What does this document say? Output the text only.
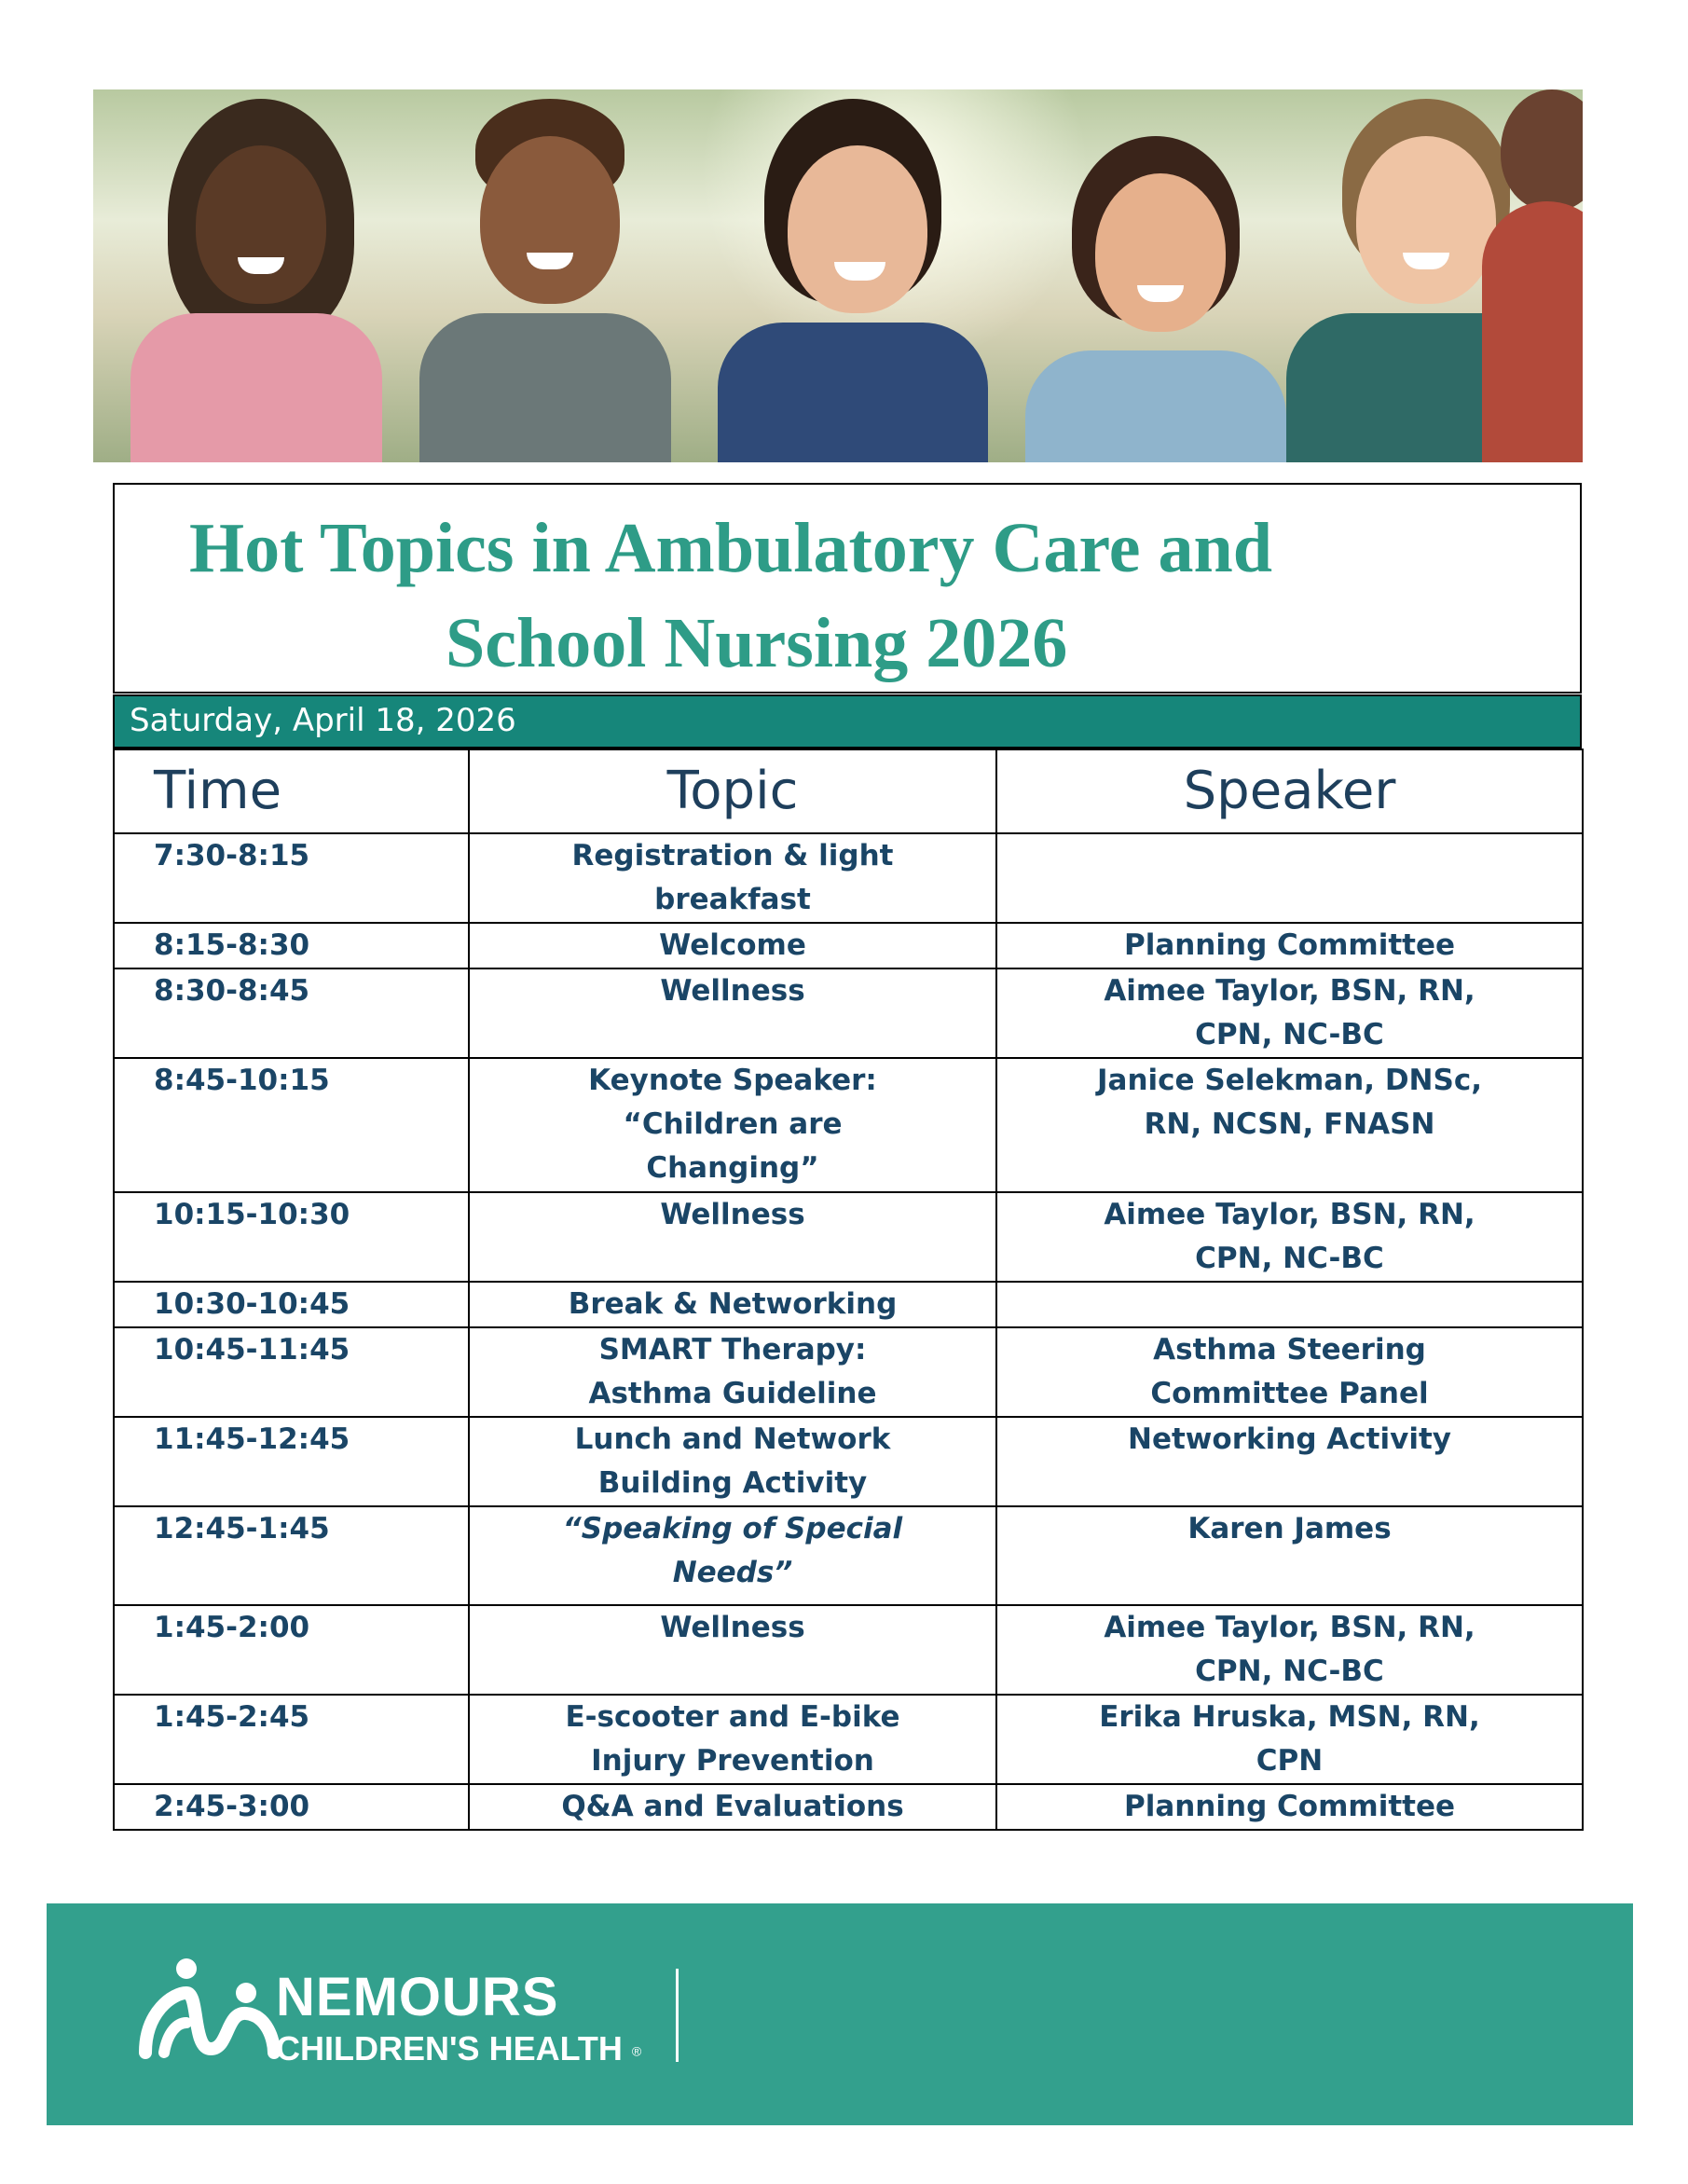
Hot Topics in Ambulatory Care and
School Nursing 2026
Saturday, April 18, 2026
Time	Topic	Speaker
7:30-8:15	Registration & light breakfast	
8:15-8:30	Welcome	Planning Committee
8:30-8:45	Wellness	Aimee Taylor, BSN, RN, CPN, NC-BC
8:45-10:15	Keynote Speaker: “Children are Changing”	Janice Selekman, DNSc, RN, NCSN, FNASN
10:15-10:30	Wellness	Aimee Taylor, BSN, RN, CPN, NC-BC
10:30-10:45	Break & Networking	
10:45-11:45	SMART Therapy: Asthma Guideline	Asthma Steering Committee Panel
11:45-12:45	Lunch and Network Building Activity	Networking Activity
12:45-1:45	“Speaking of Special Needs”	Karen James
1:45-2:00	Wellness	Aimee Taylor, BSN, RN, CPN, NC-BC
1:45-2:45	E-scooter and E-bike Injury Prevention	Erika Hruska, MSN, RN, CPN
2:45-3:00	Q&A and Evaluations	Planning Committee
NEMOURS
CHILDREN'S HEALTH ®
